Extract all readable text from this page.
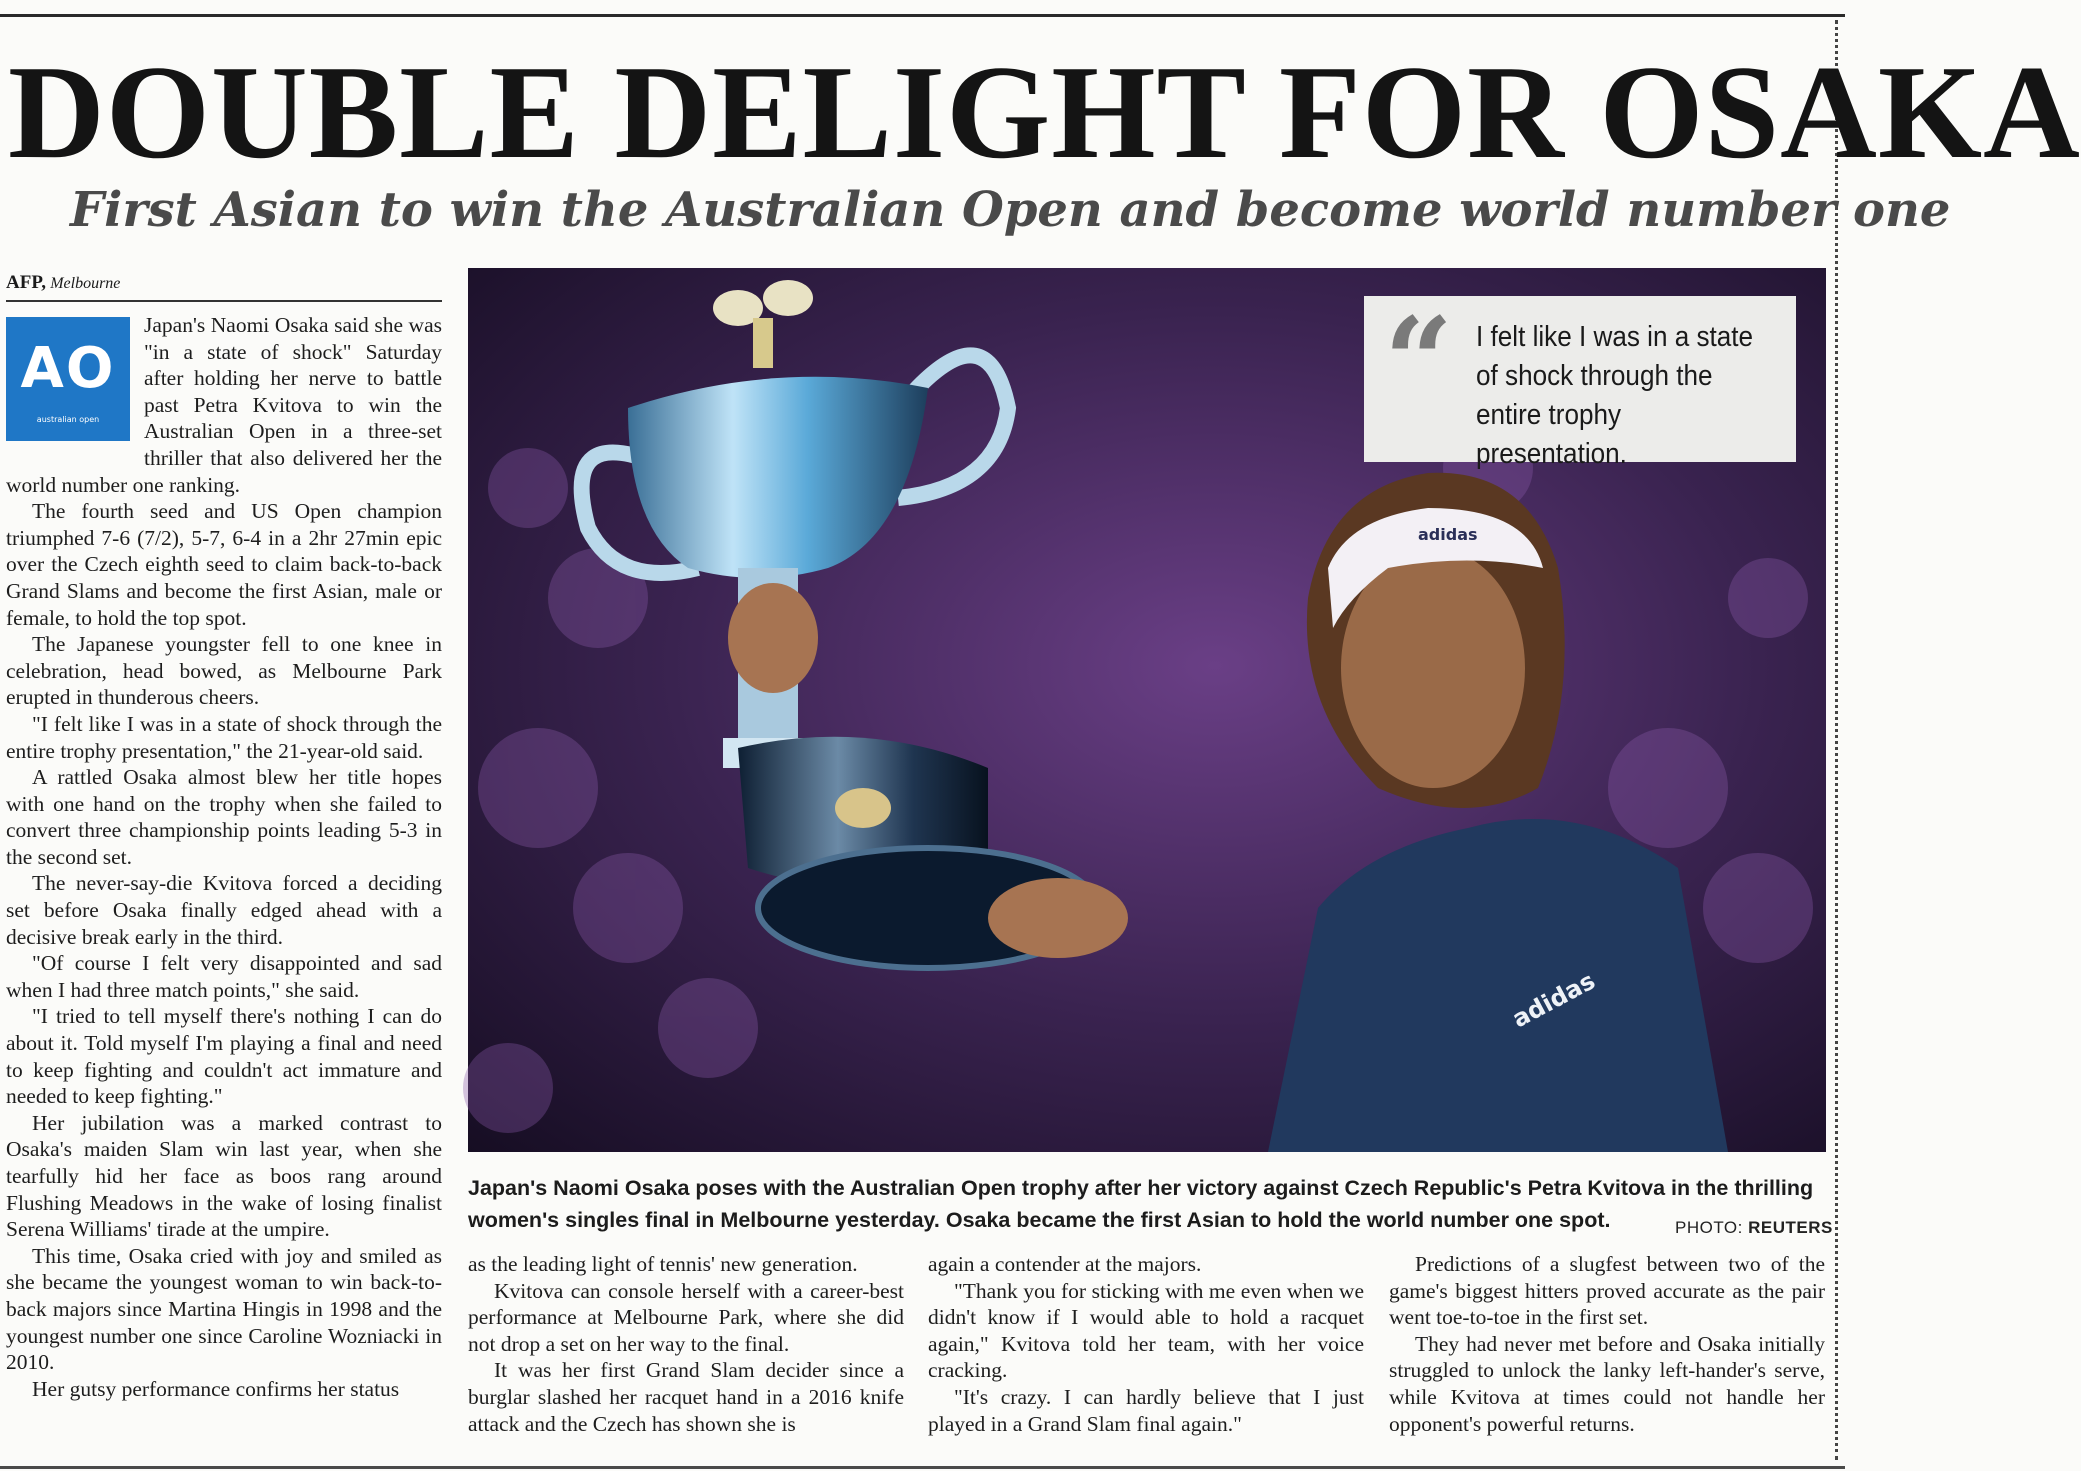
DOUBLE DELIGHT FOR OSAKA
First Asian to win the Australian Open and become world number one
AFP, Melbourne
AO
australian open

Japan's Naomi Osaka said she was "in a state of shock" Saturday after holding her nerve to battle past Petra Kvitova to win the Australian Open in a three-set thriller that also delivered her the world number one ranking.

The fourth seed and US Open champion triumphed 7-6 (7/2), 5-7, 6-4 in a 2hr 27min epic over the Czech eighth seed to claim back-to-back Grand Slams and become the first Asian, male or female, to hold the top spot.

The Japanese youngster fell to one knee in celebration, head bowed, as Melbourne Park erupted in thunderous cheers.

"I felt like I was in a state of shock through the entire trophy presentation," the 21-year-old said.

A rattled Osaka almost blew her title hopes with one hand on the trophy when she failed to convert three championship points leading 5-3 in the second set.

The never-say-die Kvitova forced a deciding set before Osaka finally edged ahead with a decisive break early in the third.

"Of course I felt very disappointed and sad when I had three match points," she said.

"I tried to tell myself there's nothing I can do about it. Told myself I'm playing a final and need to keep fighting and couldn't act immature and needed to keep fighting."

Her jubilation was a marked contrast to Osaka's maiden Slam win last year, when she tearfully hid her face as boos rang around Flushing Meadows in the wake of losing finalist Serena Williams' tirade at the umpire.

This time, Osaka cried with joy and smiled as she became the youngest woman to win back-to-back majors since Martina Hingis in 1998 and the youngest number one since Caroline Wozniacki in 2010.

Her gutsy performance confirms her status

adidas
adidas
“ I felt like I was in a state of shock through the entire trophy presentation.
Japan's Naomi Osaka poses with the Australian Open trophy after her victory against Czech Republic's Petra Kvitova in the thrilling women's singles final in Melbourne yesterday. Osaka became the first Asian to hold the world number one spot.	PHOTO: REUTERS

as the leading light of tennis' new generation.

Kvitova can console herself with a career-best performance at Melbourne Park, where she did not drop a set on her way to the final.

It was her first Grand Slam decider since a burglar slashed her racquet hand in a 2016 knife attack and the Czech has shown she is

again a contender at the majors.

"Thank you for sticking with me even when we didn't know if I would able to hold a racquet again," Kvitova told her team, with her voice cracking.

"It's crazy. I can hardly believe that I just played in a Grand Slam final again."

Predictions of a slugfest between two of the game's biggest hitters proved accurate as the pair went toe-to-toe in the first set.

They had never met before and Osaka initially struggled to unlock the lanky left-hander's serve, while Kvitova at times could not handle her opponent's powerful returns.
